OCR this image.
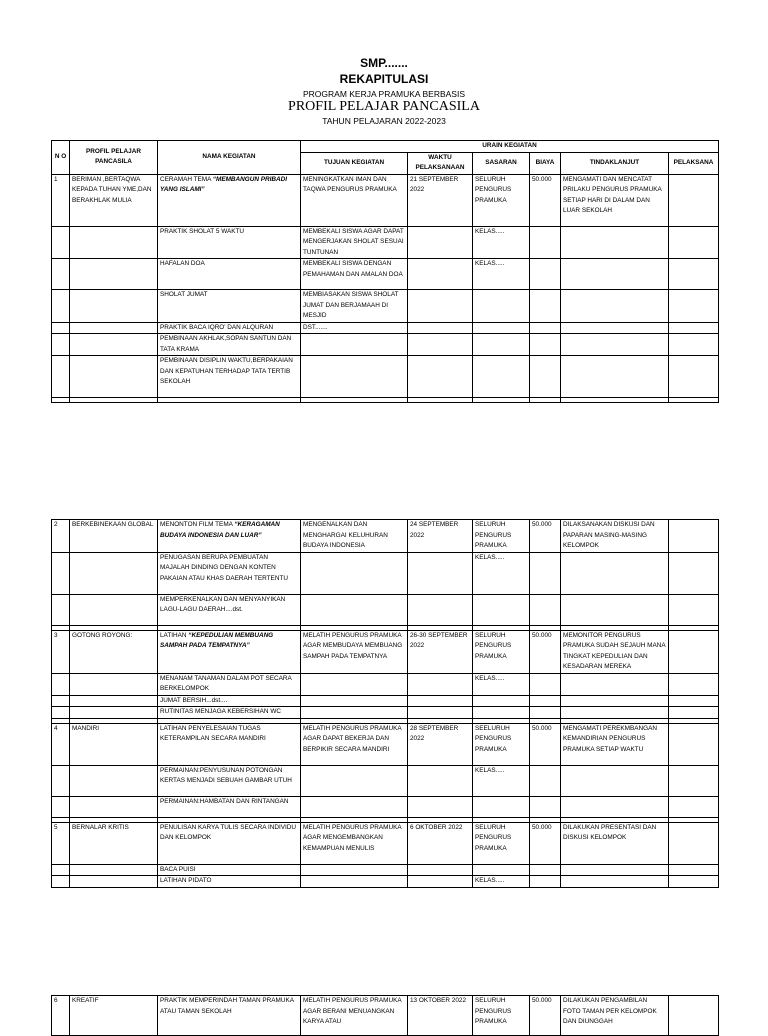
SMP.......
REKAPITULASI
PROGRAM KERJA PRAMUKA BERBASIS
PROFIL PELAJAR PANCASILA
TAHUN PELAJARAN 2022-2023
N O	PROFIL PELAJAR PANCASILA	NAMA KEGIATAN	URAIN KEGIATAN					
			TUJUAN KEGIATAN	WAKTU PELAKSANAAN	SASARAN	BIAYA	TINDAKLANJUT	PELAKSANA
1	BERIMAN ,BERTAQWA KEPADA TUHAN YME,DAN BERAKHLAK MULIA	CERAMAH TEMA “MEMBANGUN PRIBADI YANG ISLAMI”	MENINGKATKAN IMAN DAN TAQWA PENGURUS PRAMUKA	21 SEPTEMBER 2022	SELURUH PENGURUS PRAMUKA	50.000	MENGAMATI DAN MENCATAT PRILAKU PENGURUS PRAMUKA SETIAP HARI DI DALAM DAN LUAR SEKOLAH	
		PRAKTIK SHOLAT 5 WAKTU	MEMBEKALI SISWA AGAR DAPAT MENGERJAKAN SHOLAT SESUAI TUNTUNAN		KELAS.....			
		HAFALAN DOA	MEMBEKALI SISWA DENGAN PEMAHAMAN DAN AMALAN DOA		KELAS.....			
		SHOLAT JUMAT	MEMBIASAKAN SISWA SHOLAT JUMAT DAN BERJAMAAH DI MESJID					
		PRAKTIK BACA IQRO' DAN ALQURAN	DST.......					
		PEMBINAAN AKHLAK,SOPAN SANTUN DAN TATA KRAMA						
		PEMBINAAN DISIPLIN WAKTU,BERPAKAIAN DAN KEPATUHAN TERHADAP TATA TERTIB SEKOLAH						

2	BERKEBINEKAAN GLOBAL	MENONTON FILM TEMA “KERAGAMAN BUDAYA INDONESIA DAN LUAR”	MENGENALKAN DAN MENGHARGAI KELUHURAN BUDAYA INDONESIA	24 SEPTEMBER 2022	SELURUH PENGURUS PRAMUKA	50.000	DILAKSANAKAN DISKUSI DAN PAPARAN MASING-MASING KELOMPOK	
		PENUGASAN BERUPA PEMBUATAN MAJALAH DINDING DENGAN KONTEN PAKAIAN ATAU KHAS DAERAH TERTENTU			KELAS.....			
		MEMPERKENALKAN DAN MENYANYIKAN LAGU-LAGU DAERAH....dst.						

3	GOTONG ROYONG:	LATIHAN “KEPEDULIAN MEMBUANG SAMPAH PADA TEMPATNYA”	MELATIH PENGURUS PRAMUKA AGAR MEMBUDAYA MEMBUANG SAMPAH PADA TEMPATNYA	26-30 SEPTEMBER 2022	SELURUH PENGURUS PRAMUKA	50.000	MEMONITOR PENGURUS PRAMUKA SUDAH SEJAUH MANA TINGKAT KEPEDULIAN DAN KESADARAN MEREKA	
		MENANAM TANAMAN DALAM POT SECARA BERKELOMPOK			KELAS.....			
		JUMAT BERSIH...dst....						
		RUTINITAS MENJAGA KEBERSIHAN WC						

4	MANDIRI	LATIHAN PENYELESAIAN TUGAS KETERAMPILAN SECARA MANDIRI	MELATIH PENGURUS PRAMUKA AGAR DAPAT BEKERJA DAN BERPIKIR SECARA MANDIRI	28 SEPTEMBER 2022	SEELURUH PENGURUS PRAMUKA	50.000	MENGAMATI PEREKMBANGAN KEMANDIRIAN PENGURUS PRAMUKA SETIAP WAKTU	
		PERMAINAN:PENYUSUNAN POTONGAN KERTAS MENJADI SEBUAH GAMBAR UTUH			KELAS.....			
		PERMAINAN:HAMBATAN DAN RINTANGAN						

5	BERNALAR KRITIS	PENULISAN KARYA TULIS SECARA INDIVIDU DAN KELOMPOK	MELATIH PENGURUS PRAMUKA AGAR MENGEMBANGKAN KEMAMPUAN MENULIS	6 OKTOBER 2022	SELURUH PENGURUS PRAMUKA	50.000	DILAKUKAN PRESENTASI DAN DISKUSI KELOMPOK	
		BACA PUISI						
		LATIHAN PIDATO			KELAS.....			
6	KREATIF	PRAKTIK MEMPERINDAH TAMAN PRAMUKA ATAU TAMAN SEKOLAH	MELATIH PENGURUS PRAMUKA AGAR BERANI MENUANGKAN KARYA ATAU	13 OKTOBER 2022	SELURUH PENGURUS PRAMUKA	50.000	DILAKUKAN PENGAMBILAN FOTO TAMAN PER KELOMPOK DAN DIUNGGAH	
